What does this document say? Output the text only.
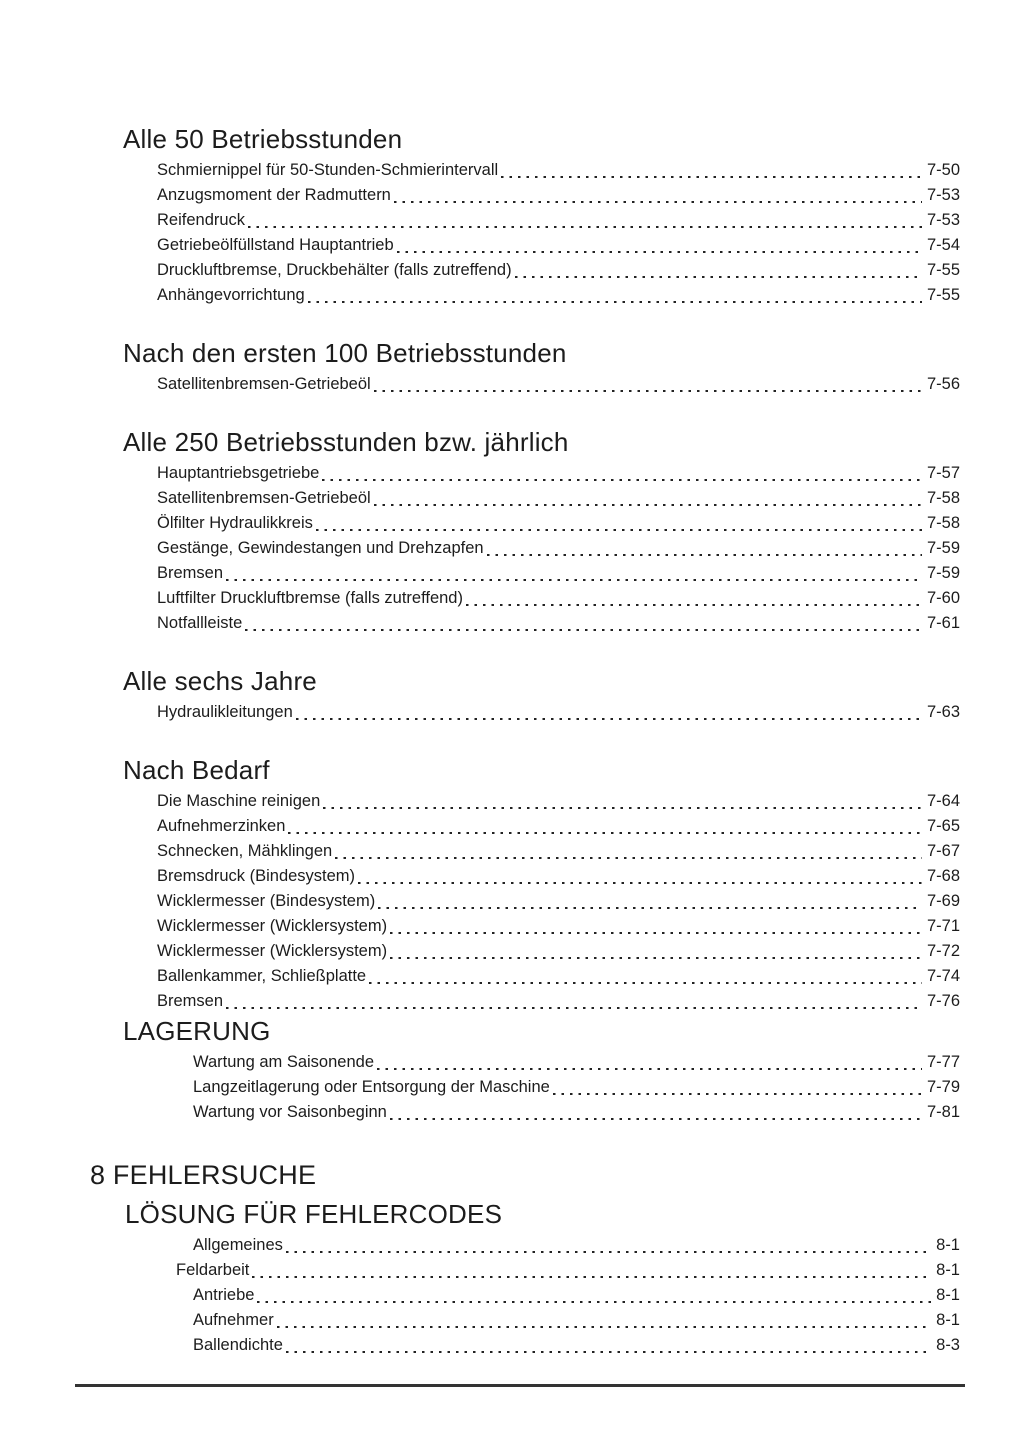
Alle 50 Betriebsstunden
Schmiernippel für 50-Stunden-Schmierintervall	7-50
Anzugsmoment der Radmuttern	7-53
Reifendruck	7-53
Getriebeölfüllstand Hauptantrieb	7-54
Druckluftbremse, Druckbehälter (falls zutreffend)	7-55
Anhängevorrichtung	7-55
Nach den ersten 100 Betriebsstunden
Satellitenbremsen-Getriebeöl	7-56
Alle 250 Betriebsstunden bzw. jährlich
Hauptantriebsgetriebe	7-57
Satellitenbremsen-Getriebeöl	7-58
Ölfilter Hydraulikkreis	7-58
Gestänge, Gewindestangen und Drehzapfen	7-59
Bremsen	7-59
Luftfilter Druckluftbremse (falls zutreffend)	7-60
Notfallleiste	7-61
Alle sechs Jahre
Hydraulikleitungen	7-63
Nach Bedarf
Die Maschine reinigen	7-64
Aufnehmerzinken	7-65
Schnecken, Mähklingen	7-67
Bremsdruck (Bindesystem)	7-68
Wicklermesser (Bindesystem)	7-69
Wicklermesser (Wicklersystem)	7-71
Wicklermesser (Wicklersystem)	7-72
Ballenkammer, Schließplatte	7-74
Bremsen	7-76
LAGERUNG
Wartung am Saisonende	7-77
Langzeitlagerung oder Entsorgung der Maschine	7-79
Wartung vor Saisonbeginn	7-81
8 FEHLERSUCHE
LÖSUNG FÜR FEHLERCODES
Allgemeines	8-1
Feldarbeit	8-1
Antriebe	8-1
Aufnehmer	8-1
Ballendichte	8-3
